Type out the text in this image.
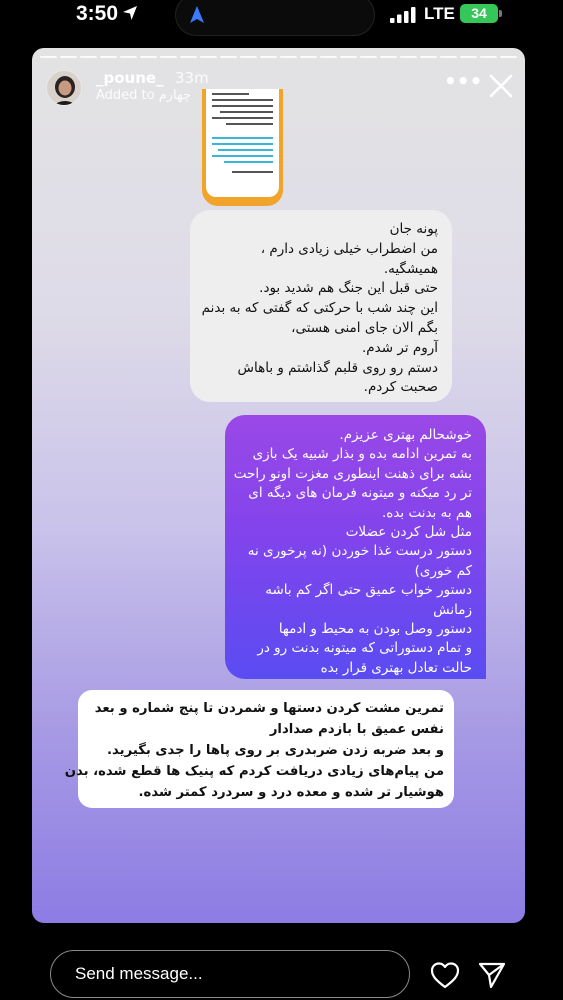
3:50	LTE	34
_poune_ 33m
Added to چهارم
•••

پونه جان

من اضطراب خیلی زیادی دارم ،

همیشگیه.

حتی قبل این جنگ هم شدید بود.

این چند شب با حرکتی که گفتی که به بدنم

بگم الان جای امنی هستی،

آروم تر شدم.

دستم رو روی قلبم گذاشتم و باهاش

صحبت کردم.

خوشحالم بهتری عزیزم.

به تمرین ادامه بده و بذار شبیه یک بازی

بشه برای ذهنت اینطوری مغزت اونو راحت

تر رد میکنه و میتونه فرمان های دیگه ای

هم به بدنت بده.

مثل شل کردن عضلات

دستور درست غذا خوردن (نه پرخوری نه

کم خوری)

دستور خواب عمیق حتی اگر کم باشه

زمانش

دستور وصل بودن به محیط و ادمها

و تمام دستوراتی که میتونه بدنت رو در

حالت تعادل بهتری قرار بده

تمرین مشت کردن دستها و شمردن تا پنج شماره و بعد

نفس عمیق با بازدم صدادار

و بعد ضربه زدن ضربدری بر روی پاها را جدی بگیرید.

من پیام‌های زیادی دریافت کردم که پنیک ها قطع شده، بدن

هوشیار تر شده و معده درد و سردرد کمتر شده.

Send message...
